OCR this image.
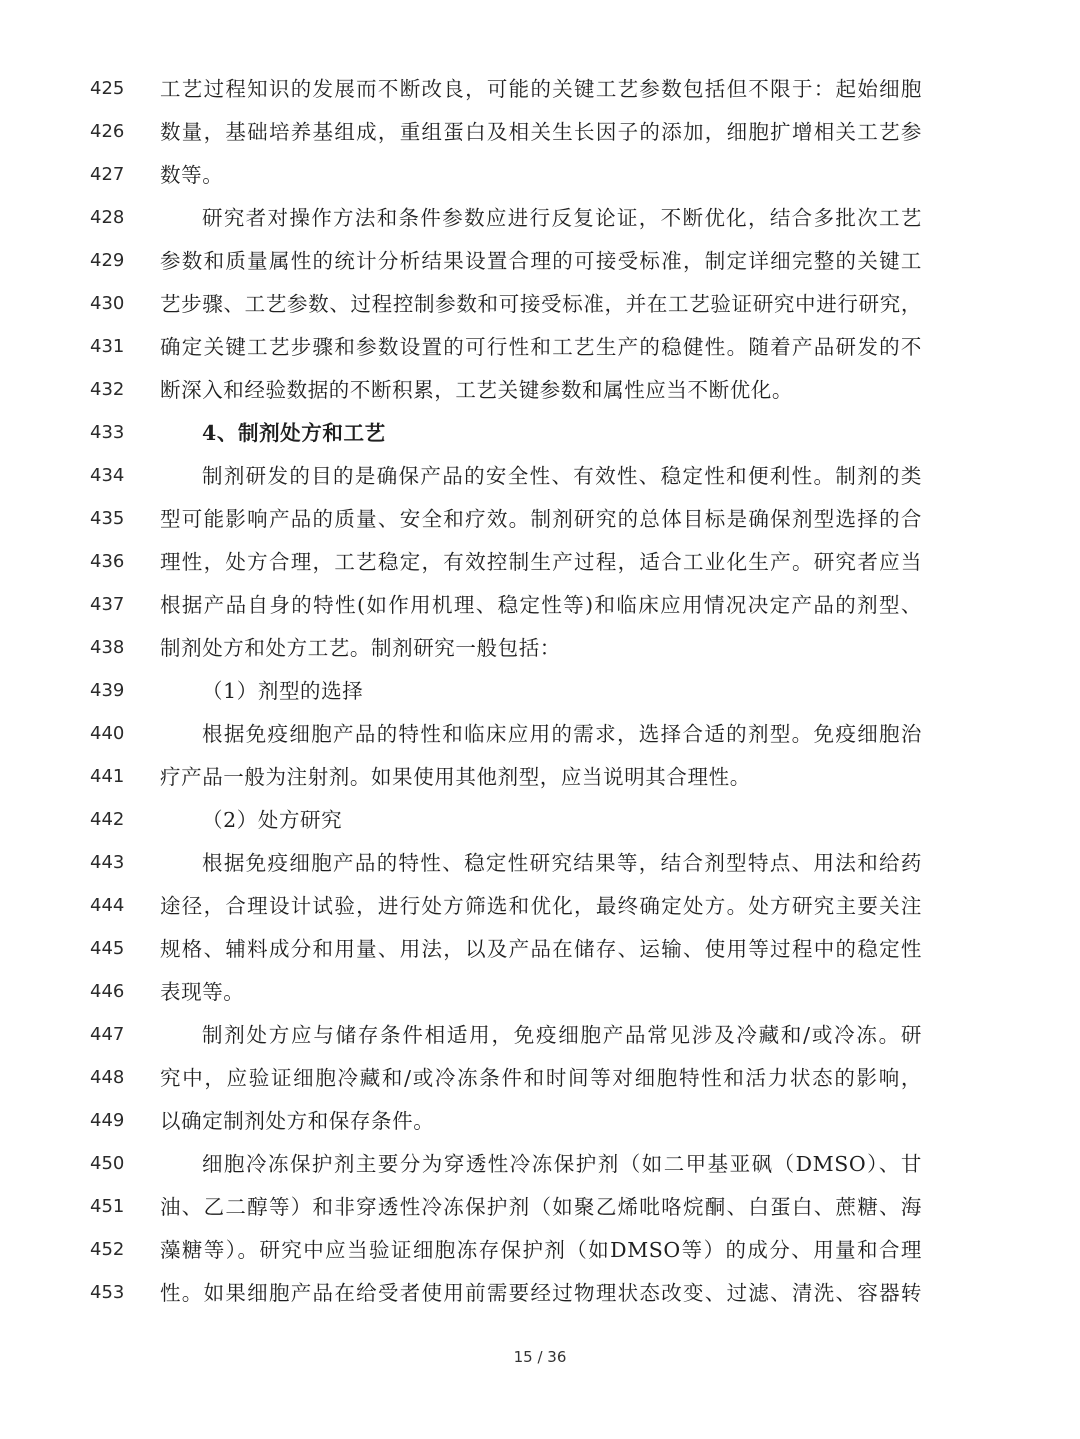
425	工艺过程知识的发展而不断改良，可能的关键工艺参数包括但不限于：起始细胞
426	数量，基础培养基组成，重组蛋白及相关生长因子的添加，细胞扩增相关工艺参
427	数等。
428	研究者对操作方法和条件参数应进行反复论证，不断优化，结合多批次工艺
429	参数和质量属性的统计分析结果设置合理的可接受标准，制定详细完整的关键工
430	艺步骤、工艺参数、过程控制参数和可接受标准，并在工艺验证研究中进行研究，
431	确定关键工艺步骤和参数设置的可行性和工艺生产的稳健性。随着产品研发的不
432	断深入和经验数据的不断积累，工艺关键参数和属性应当不断优化。
433	4、制剂处方和工艺
434	制剂研发的目的是确保产品的安全性、有效性、稳定性和便利性。制剂的类
435	型可能影响产品的质量、安全和疗效。制剂研究的总体目标是确保剂型选择的合
436	理性，处方合理，工艺稳定，有效控制生产过程，适合工业化生产。研究者应当
437	根据产品自身的特性(如作用机理、稳定性等)和临床应用情况决定产品的剂型、
438	制剂处方和处方工艺。制剂研究一般包括：
439	（1）剂型的选择
440	根据免疫细胞产品的特性和临床应用的需求，选择合适的剂型。免疫细胞治
441	疗产品一般为注射剂。如果使用其他剂型，应当说明其合理性。
442	（2）处方研究
443	根据免疫细胞产品的特性、稳定性研究结果等，结合剂型特点、用法和给药
444	途径，合理设计试验，进行处方筛选和优化，最终确定处方。处方研究主要关注
445	规格、辅料成分和用量、用法，以及产品在储存、运输、使用等过程中的稳定性
446	表现等。
447	制剂处方应与储存条件相适用，免疫细胞产品常见涉及冷藏和/或冷冻。研
448	究中，应验证细胞冷藏和/或冷冻条件和时间等对细胞特性和活力状态的影响，
449	以确定制剂处方和保存条件。
450	细胞冷冻保护剂主要分为穿透性冷冻保护剂（如二甲基亚砜（DMSO）、甘
451	油、乙二醇等）和非穿透性冷冻保护剂（如聚乙烯吡咯烷酮、白蛋白、蔗糖、海
452	藻糖等）。研究中应当验证细胞冻存保护剂（如DMSO等）的成分、用量和合理
453	性。如果细胞产品在给受者使用前需要经过物理状态改变、过滤、清洗、容器转
15 / 36
